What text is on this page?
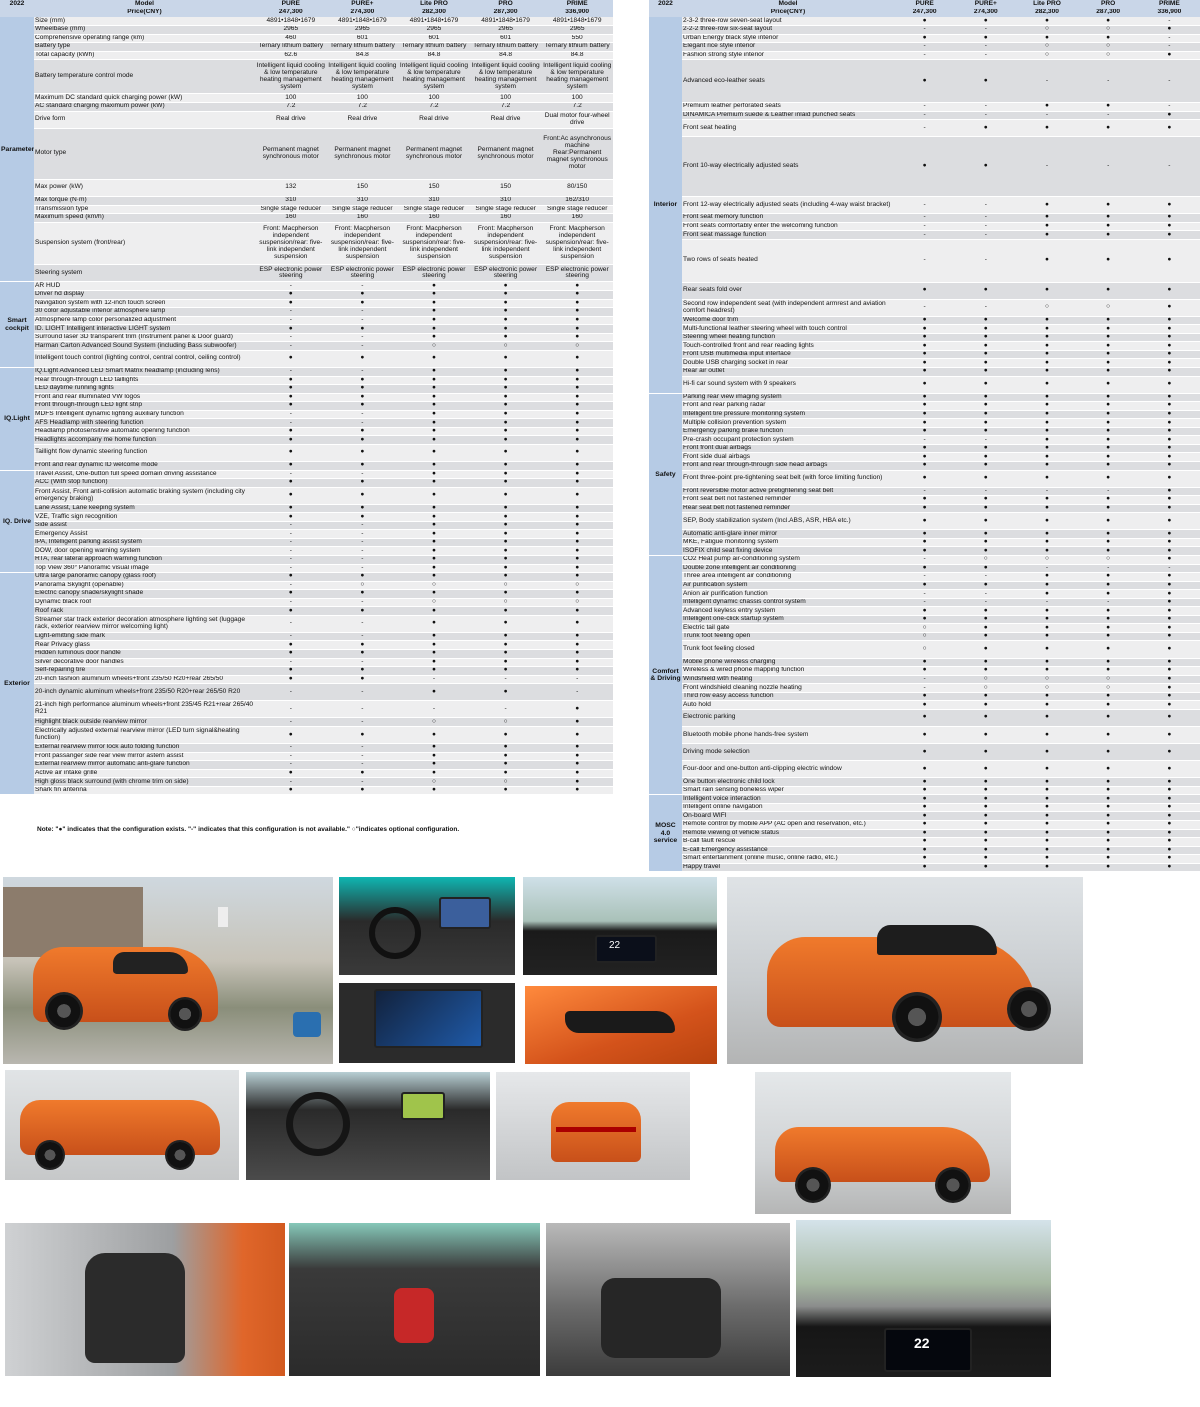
2022	Model	PURE	PURE+	Lite PRO	PRO	PRIME
	Price(CNY)	247,300	274,300	282,300	287,300	336,900
Parameter	Size (mm)	4891•1848•1679	4891•1848•1679	4891•1848•1679	4891•1848•1679	4891•1848•1679
	Wheelbase (mm)	2965	2965	2965	2965	2965
	Comprehensive operating range (km)	460	601	601	601	550
	Battery type	Ternary lithium battery	Ternary lithium battery	Ternary lithium battery	Ternary lithium battery	Ternary lithium battery
	Total capacity (kWh)	62.6	84.8	84.8	84.8	84.8
	Battery temperature control mode	Intelligent liquid cooling & low temperature heating management system	Intelligent liquid cooling & low temperature heating management system	Intelligent liquid cooling & low temperature heating management system	Intelligent liquid cooling & low temperature heating management system	Intelligent liquid cooling & low temperature heating management system
	Maximum DC standard quick charging power (kW)	100	100	100	100	100
	AC standard charging maximum power (kW)	7.2	7.2	7.2	7.2	7.2
	Drive form	Real drive	Real drive	Real drive	Real drive	Dual motor four-wheel drive
	Motor type	Permanent magnet synchronous motor	Permanent magnet synchronous motor	Permanent magnet synchronous motor	Permanent magnet synchronous motor	Front:Ac asynchronous machine Rear:Permanent magnet synchronous motor
	Max power (kW)	132	150	150	150	80/150
	Max torque (N·m)	310	310	310	310	162/310
	Transmission type	Single stage reducer	Single stage reducer	Single stage reducer	Single stage reducer	Single stage reducer
	Maximum speed (km/h)	160	160	160	160	160
	Suspension system (front/rear)	Front: Macpherson independent suspension/rear: five-link independent suspension	Front: Macpherson independent suspension/rear: five-link independent suspension	Front: Macpherson independent suspension/rear: five-link independent suspension	Front: Macpherson independent suspension/rear: five-link independent suspension	Front: Macpherson independent suspension/rear: five-link independent suspension
	Steering system	ESP electronic power steering	ESP electronic power steering	ESP electronic power steering	ESP electronic power steering	ESP electronic power steering
Smart cockpit	AR HUD	-	-	●	●	●
	Driver hd display	●	●	●	●	●
	Navigation system with 12-inch touch screen	●	●	●	●	●
	30 color adjustable interior atmosphere lamp	-	-	●	●	●
	Atmosphere lamp color personalized adjustment	-	-	●	●	●
	ID. LIGHT Intelligent interactive LIGHT system	●	●	●	●	●
	Surround laser 3D transparent trim (Instrument panel & Door guard)	-	-	●	●	●
	Harman Carton Advanced Sound System (including Bass subwoofer)	-	-	○	○	○
	Intelligent touch control (lighting control, central control, ceiling control)	●	●	●	●	●
IQ.Light	IQ.Light Advanced LED Smart Matrix headlamp (including lens)	-	-	●	●	●
	Rear through-through LED taillights	●	●	●	●	●
	LED daytime running lights	●	●	●	●	●
	Front and rear illuminated VW logos	●	●	●	●	●
	Front through-through LED light strip	●	●	●	●	●
	MDFS Intelligent dynamic lighting auxiliary function	-	-	●	●	●
	AFS Headlamp with steering function	-	-	●	●	●
	Headlamp photosensitive automatic opening function	●	●	●	●	●
	Headlights accompany me home function	●	●	●	●	●
	Taillight flow dynamic steering function	●	●	●	●	●
	Front and rear dynamic ID welcome mode	●	●	●	●	●
IQ. Drive	Travel Assist, One-button full speed domain driving assistance	-	-	●	●	●
	ACC (With stop function)	●	●	●	●	●
	Front Assist, Front anti-collision automatic braking system (including city emergency braking)	●	●	●	●	●
	Lane Assist, Lane keeping system	●	●	●	●	●
	VZE, Traffic sign recognition	●	●	●	●	●
	Side assist	-	-	●	●	●
	Emergency Assist	-	-	●	●	●
	IPA, Intelligent parking assist system	-	-	●	●	●
	DOW, door opening warning system	-	-	●	●	●
	RTA, rear lateral approach warning function	-	-	●	●	●
	Top View 360° Panoramic visual image	-	-	●	●	●
Exterior	Ultra large panoramic canopy (glass roof)	●	●	●	●	●
	Panorama Skylight (openable)	-	○	○	○	○
	Electric canopy shade/skylight shade	●	●	●	●	●
	Dynamic black roof	-	-	○	○	○
	Roof rack	●	●	●	●	●
	Streamer star track exterior decoration atmosphere lighting set (luggage rack, exterior rearview mirror welcoming light)	-	-	●	●	●
	Light-emitting side mark	-	-	●	●	●
	Rear Privacy glass	●	●	●	●	●
	Hidden luminous door handle	●	●	●	●	●
	Silver decorative door handles	-	-	●	●	●
	Self-repairing tire	●	●	●	●	●
	20-inch fashion aluminum wheels+front 235/50 R20+rear 265/50	●	●	-	-	-
	20-inch dynamic aluminum wheels+front 235/50 R20+rear 265/50 R20	-	-	●	●	-
	21-inch high performance aluminum wheels+front 235/45 R21+rear 265/40 R21	-	-	-	-	●
	Highlight black outside rearview mirror	-	-	○	○	●
	Electrically adjusted external rearview mirror (LED turn signal&heating function)	●	●	●	●	●
	External rearview mirror lock auto folding function	-	-	●	●	●
	Front passanger side rear view mirror astern assist	-	-	●	●	●
	External rearview mirror automatic anti-glare function	-	-	●	●	●
	Active air intake grille	●	●	●	●	●
	High gloss black surround (with chrome trim on side)	-	-	○	○	●
	Shark fin antenna	●	●	●	●	●
Note: "●" indicates that the configuration exists. "-" indicates that this configuration is not available." ○"indicates optional configuration.
2022	Model	PURE	PURE+	Lite PRO	PRO	PRIME
	Price(CNY)	247,300	274,300	282,300	287,300	336,900
Interior	2-3-2 three-row seven-seat layout	●	●	●	●	-
	2-2-2 three-row six-seat layout	-	-	○	○	●
	Urban Energy black style interior	●	●	●	●	-
	Elegant rice style interior	-	-	○	○	-
	Fashion strong style interior	-	-	○	○	●
	Advanced eco-leather seats	●	●	-	-	-
	Premium leather perforated seats	-	-	●	●	-
	DINAMICA Premium suede & Leather inlaid punched seats	-	-	-	-	●
	Front seat heating	-	●	●	●	●
	Front 10-way electrically adjusted seats	●	●	-	-	-
	Front 12-way electrically adjusted seats (including 4-way waist bracket)	-	-	●	●	●
	Front seat memory function	-	-	●	●	●
	Front seats comfortably enter the welcoming function	-	-	●	●	●
	Front seat massage function	-	-	●	●	●
	Two rows of seats heated	-	-	●	●	●
	Rear seats fold over	●	●	●	●	●
	Second row independent seat (with independent armrest and aviation comfort headrest)	-	-	○	○	●
	Welcome door trim	●	●	●	●	●
	Multi-functional leather steering wheel with touch control	●	●	●	●	●
	Steering wheel heating function	●	●	●	●	●
	Touch-controlled front and rear reading lights	●	●	●	●	●
	Front USB multimedia input interface	●	●	●	●	●
	Double USB charging socket in rear	●	●	●	●	●
	Rear air outlet	●	●	●	●	●
	Hi-fi car sound system with 9 speakers	●	●	●	●	●
Safety	Parking rear view imaging system	●	●	●	●	●
	Front and rear parking radar	●	●	●	●	●
	Intelligent tire pressure monitoring system	●	●	●	●	●
	Multiple collision prevention system	●	●	●	●	●
	Emergency parking brake function	●	●	●	●	●
	Pre-crash occupant protection system	-	-	●	●	●
	Front front dual airbags	●	●	●	●	●
	Front side dual airbags	●	●	●	●	●
	Front and rear through-through side head airbags	●	●	●	●	●
	Front three-point pre-tightening seat belt (with force limiting function)	●	●	●	●	●
	Front reversible motor active pretightening seat belt	-	-	-	-	●
	Front seat belt not fastened reminder	●	●	●	●	●
	Rear seat belt not fastened reminder	●	●	●	●	●
	SEP, Body stabilization system (Incl.ABS, ASR, HBA etc.)	●	●	●	●	●
	Automatic anti-glare inner mirror	●	●	●	●	●
	MKE, Fatigue monitoring system	●	●	●	●	●
	ISOFIX child seat fixing device	●	●	●	●	●
Comfort & Driving	CO2 Heat pump air-conditioning system	-	○	○	○	●
	Double zone intelligent air conditioning	●	●	-	-	-
	Three area intelligent air conditioning	-	-	●	●	●
	Air purification system	●	●	●	●	●
	Anion air purification function	-	-	●	●	●
	Intelligent dynamic chassis control system	-	-	-	-	●
	Advanced keyless entry system	●	●	●	●	●
	Intelligent one-click startup system	●	●	●	●	●
	Electric tail gate	○	●	●	●	●
	Trunk foot feeling open	○	●	●	●	●
	Trunk foot feeling closed	○	●	●	●	●
	Mobile phone wireless charging	●	●	●	●	●
	Wireless & wired phone mapping function	●	●	●	●	●
	Windshield with heating	-	○	○	○	●
	Front windshield cleaning nozzle heating	-	○	○	○	●
	Third row easy access function	●	●	●	●	●
	Auto hold	●	●	●	●	●
	Electronic parking	●	●	●	●	●
	Bluetooth mobile phone hands-free system	●	●	●	●	●
	Driving mode selection	●	●	●	●	●
	Four-door and one-button anti-clipping electric window	●	●	●	●	●
	One button electronic child lock	●	●	●	●	●
	Smart rain sensing boneless wiper	●	●	●	●	●
MOSC 4.0 service	Intelligent voice interaction	●	●	●	●	●
	Intelligent online navigation	●	●	●	●	●
	On-board WIFI	●	●	●	●	●
	Remote control by mobile APP (AC open and reservation, etc.)	●	●	●	●	●
	Remote viewing of vehicle status	●	●	●	●	●
	B-call fault rescue	●	●	●	●	●
	E-call Emergency assistance	●	●	●	●	●
	Smart entertainment (online music, online radio, etc.)	●	●	●	●	●
	Happy travel	●	●	●	●	●
22
22
